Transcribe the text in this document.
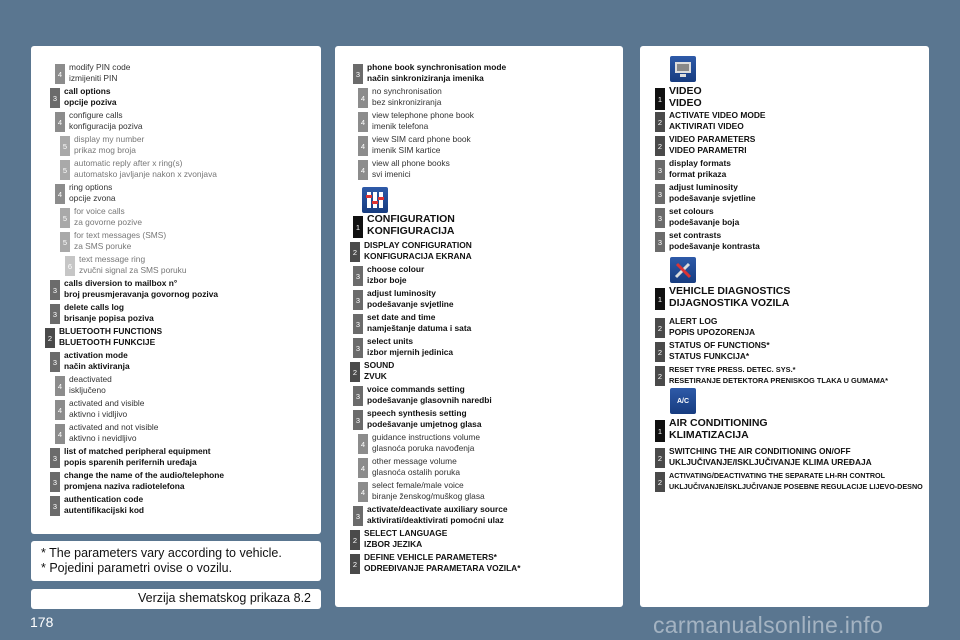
* The parameters vary according to vehicle.
* Pojedini parametri ovise o vozilu.
Verzija shematskog prikaza 8.2
178	carmanualsonline.info
A/C
4
modify PIN code
izmijeniti PIN
3
call options
opcije poziva
4
configure calls
konfiguracija poziva
5
display my number
prikaz mog broja
5
automatic reply after x ring(s)
automatsko javljanje nakon x zvonjava
4
ring options
opcije zvona
5
for voice calls
za govorne pozive
5
for text messages (SMS)
za SMS poruke
6
text message ring
zvučni signal za SMS poruku
3
calls diversion to mailbox n°
broj preusmjeravanja govornog poziva
3
delete calls log
brisanje popisa poziva
2
BLUETOOTH FUNCTIONS
BLUETOOTH FUNKCIJE
3
activation mode
način aktiviranja
4
deactivated
isključeno
4
activated and visible
aktivno i vidljivo
4
activated and not visible
aktivno i nevidljivo
3
list of matched peripheral equipment
popis sparenih perifernih uređaja
3
change the name of the audio/telephone
promjena naziva radiotelefona
3
authentication code
autentifikacijski kod
3
phone book synchronisation mode
način sinkroniziranja imenika
4
no synchronisation
bez sinkroniziranja
4
view telephone phone book
imenik telefona
4
view SIM card phone book
imenik SIM kartice
4
view all phone books
svi imenici
1
CONFIGURATION
KONFIGURACIJA
2
DISPLAY CONFIGURATION
KONFIGURACIJA EKRANA
3
choose colour
izbor boje
3
adjust luminosity
podešavanje svjetline
3
set date and time
namještanje datuma i sata
3
select units
izbor mjernih jedinica
2
SOUND
ZVUK
3
voice commands setting
podešavanje glasovnih naredbi
3
speech synthesis setting
podešavanje umjetnog glasa
4
guidance instructions volume
glasnoća poruka navođenja
4
other message volume
glasnoća ostalih poruka
4
select female/male voice
biranje ženskog/muškog glasa
3
activate/deactivate auxiliary source
aktivirati/deaktivirati pomoćni ulaz
2
SELECT LANGUAGE
IZBOR JEZIKA
2
DEFINE VEHICLE PARAMETERS*
ODREĐIVANJE PARAMETARA VOZILA*
1
VIDEO
VIDEO
2
ACTIVATE VIDEO MODE
AKTIVIRATI VIDEO
2
VIDEO PARAMETERS
VIDEO PARAMETRI
3
display formats
format prikaza
3
adjust luminosity
podešavanje svjetline
3
set colours
podešavanje boja
3
set contrasts
podešavanje kontrasta
1
VEHICLE DIAGNOSTICS
DIJAGNOSTIKA VOZILA
2
ALERT LOG
POPIS UPOZORENJA
2
STATUS OF FUNCTIONS*
STATUS FUNKCIJA*
2
RESET TYRE PRESS. DETEC. SYS.*
RESETIRANJE DETEKTORA PRENISKOG TLAKA U GUMAMA*
1
AIR CONDITIONING
KLIMATIZACIJA
2
SWITCHING THE AIR CONDITIONING ON/OFF
UKLJUČIVANJE/ISKLJUČIVANJE KLIMA UREĐAJA
2
ACTIVATING/DEACTIVATING THE SEPARATE LH-RH CONTROL
UKLJUČIVANJE/ISKLJUČIVANJE POSEBNE REGULACIJE LIJEVO-DESNO
